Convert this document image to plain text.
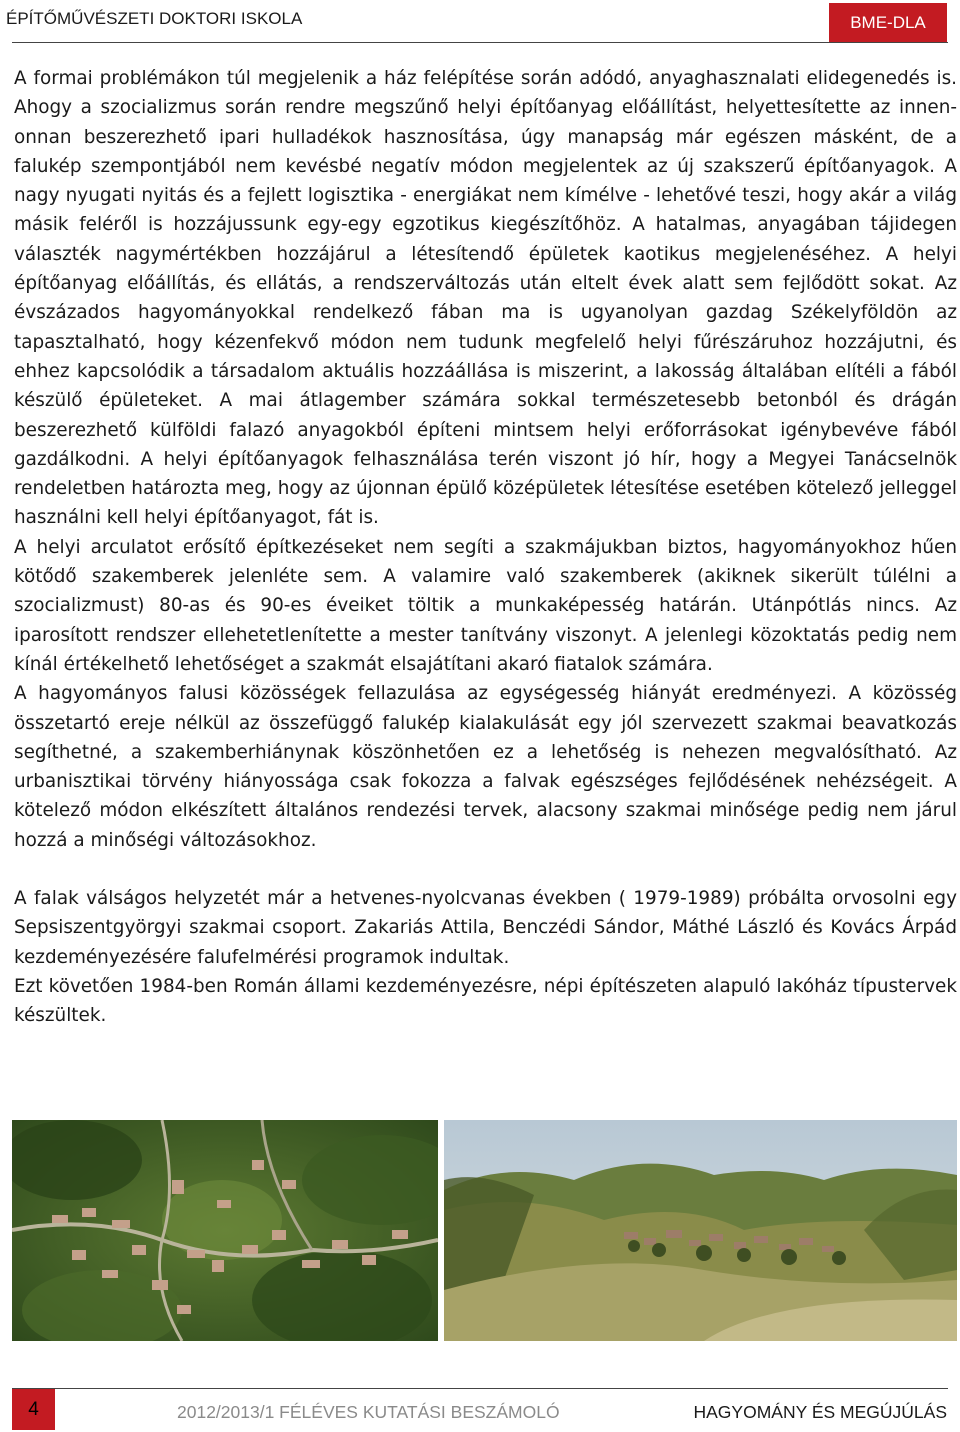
ÉPÍTŐMŰVÉSZETI DOKTORI ISKOLA	BME-DLA

A formai problémákon túl megjelenik a ház felépítése során adódó, anyaghasznalati elidegenedés is. Ahogy a szocializmus során rendre megszűnő helyi építőanyag előállítást, helyettesítette az innen-onnan beszerezhető ipari hulladékok hasznosítása, úgy manapság már egészen másként, de a falukép szempontjából nem kevésbé negatív módon megjelentek az új szakszerű építőanyagok. A nagy nyugati nyitás és a fejlett logisztika - energiákat nem kímélve - lehetővé teszi, hogy akár a világ másik feléről is hozzájussunk egy-egy egzotikus kiegészítőhöz. A hatalmas, anyagában tájidegen választék nagymértékben hozzájárul a létesítendő épületek kaotikus megjelenéséhez. A helyi építőanyag előállítás, és ellátás, a rendszerváltozás után eltelt évek alatt sem fejlődött sokat. Az évszázados hagyományokkal rendelkező fában ma is ugyanolyan gazdag Székelyföldön az tapasztalható, hogy kézenfekvő módon nem tudunk megfelelő helyi fűrészáruhoz hozzájutni, és ehhez kapcsolódik a társadalom aktuális hozzáállása is miszerint, a lakosság általában elítéli a fából készülő épületeket. A mai átlagember számára sokkal természetesebb betonból és drágán beszerezhető külföldi falazó anyagokból építeni mintsem helyi erőforrásokat igénybevéve fából gazdálkodni. A helyi építőanyagok felhasználása terén viszont jó hír, hogy a Megyei Tanácselnök rendeletben határozta meg, hogy az újonnan épülő középületek létesítése esetében kötelező jelleggel használni kell helyi építőanyagot, fát is.

A helyi arculatot erősítő építkezéseket nem segíti a szakmájukban biztos, hagyományokhoz hűen kötődő szakemberek jelenléte sem. A valamire való szakemberek (akiknek sikerült túlélni a szocializmust) 80-as és 90-es éveiket töltik a munkaképesség határán. Utánpótlás nincs. Az iparosított rendszer ellehetetlenítette a mester tanítvány viszonyt. A jelenlegi közoktatás pedig nem kínál értékelhető lehetőséget a szakmát elsajátítani akaró fiatalok számára.

A hagyományos falusi közösségek fellazulása az egységesség hiányát eredményezi. A közösség összetartó ereje nélkül az összefüggő falukép kialakulását egy jól szervezett szakmai beavatkozás segíthetné, a szakemberhiánynak köszönhetően ez a lehetőség is nehezen megvalósítható. Az urbanisztikai törvény hiányossága csak fokozza a falvak egészséges fejlődésének nehézségeit. A kötelező módon elkészített általános rendezési tervek, alacsony szakmai minősége pedig nem járul hozzá a minőségi változásokhoz.

A falak válságos helyzetét már a hetvenes-nyolcvanas években ( 1979-1989) próbálta orvosolni egy Sepsiszentgyörgyi szakmai csoport. Zakariás Attila, Benczédi Sándor, Máthé László és Kovács Árpád kezdeményezésére falufelmérési programok indultak.

Ezt követően 1984-ben Román állami kezdeményezésre, népi építészeten alapuló lakóház típustervek készültek.

4	2012/2013/1 FÉLÉVES KUTATÁSI BESZÁMOLÓ	HAGYOMÁNY ÉS MEGÚJÚLÁS
